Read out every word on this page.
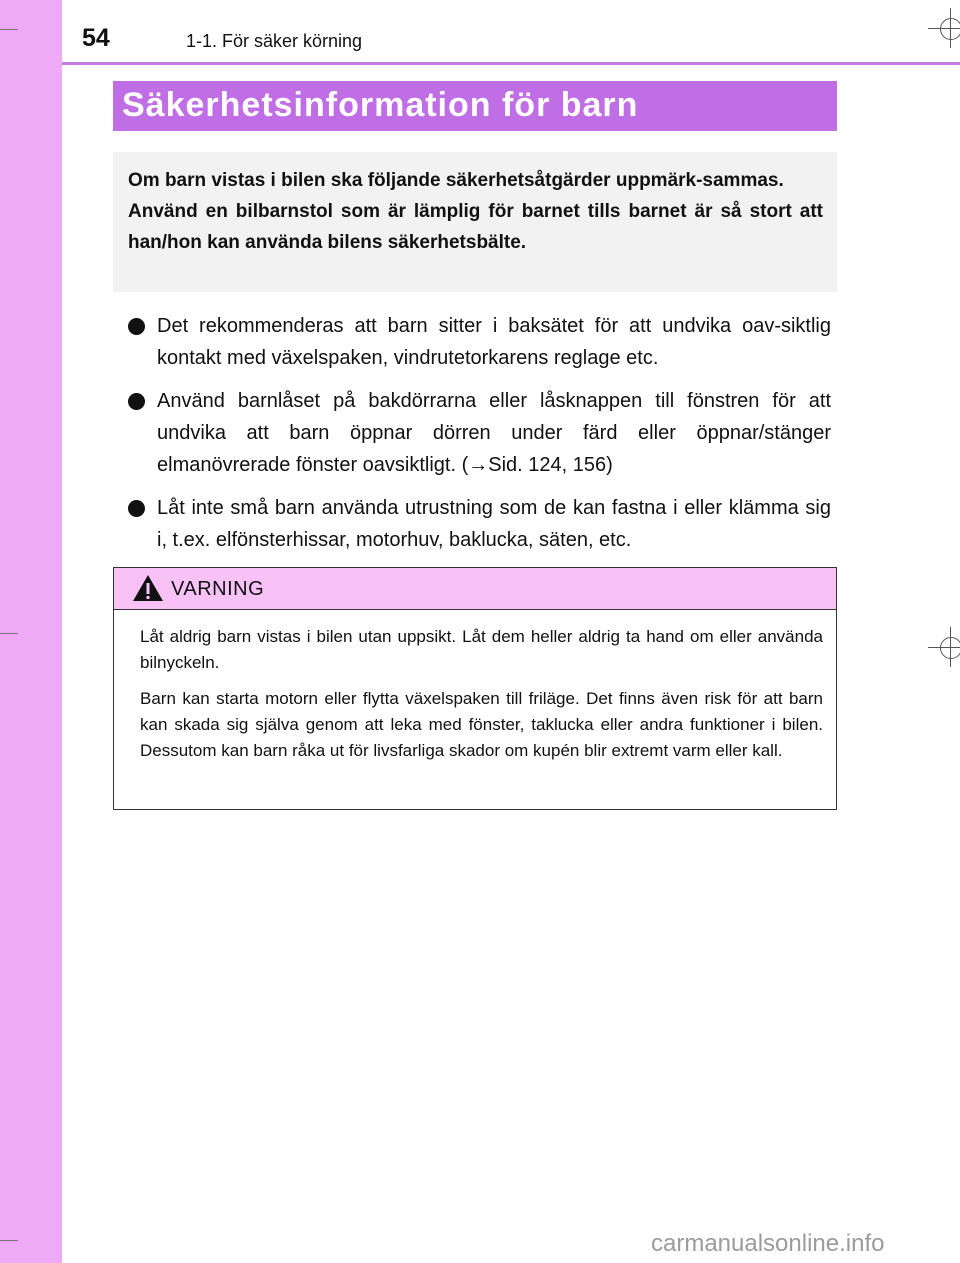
54	1-1. För säker körning
Säkerhetsinformation för barn

Om barn vistas i bilen ska följande säkerhetsåtgärder uppmärk-sammas.

Använd en bilbarnstol som är lämplig för barnet tills barnet är så stort att han/hon kan använda bilens säkerhetsbälte.

Det rekommenderas att barn sitter i baksätet för att undvika oav-siktlig kontakt med växelspaken, vindrutetorkarens reglage etc.
Använd barnlåset på bakdörrarna eller låsknappen till fönstren för att undvika att barn öppnar dörren under färd eller öppnar/stänger elmanövrerade fönster oavsiktligt. (→Sid. 124, 156)
Låt inte små barn använda utrustning som de kan fastna i eller klämma sig i, t.ex. elfönsterhissar, motorhuv, baklucka, säten, etc.
VARNING

Låt aldrig barn vistas i bilen utan uppsikt. Låt dem heller aldrig ta hand om eller använda bilnyckeln.

Barn kan starta motorn eller flytta växelspaken till friläge. Det finns även risk för att barn kan skada sig själva genom att leka med fönster, taklucka eller andra funktioner i bilen. Dessutom kan barn råka ut för livsfarliga skador om kupén blir extremt varm eller kall.

carmanualsonline.info
